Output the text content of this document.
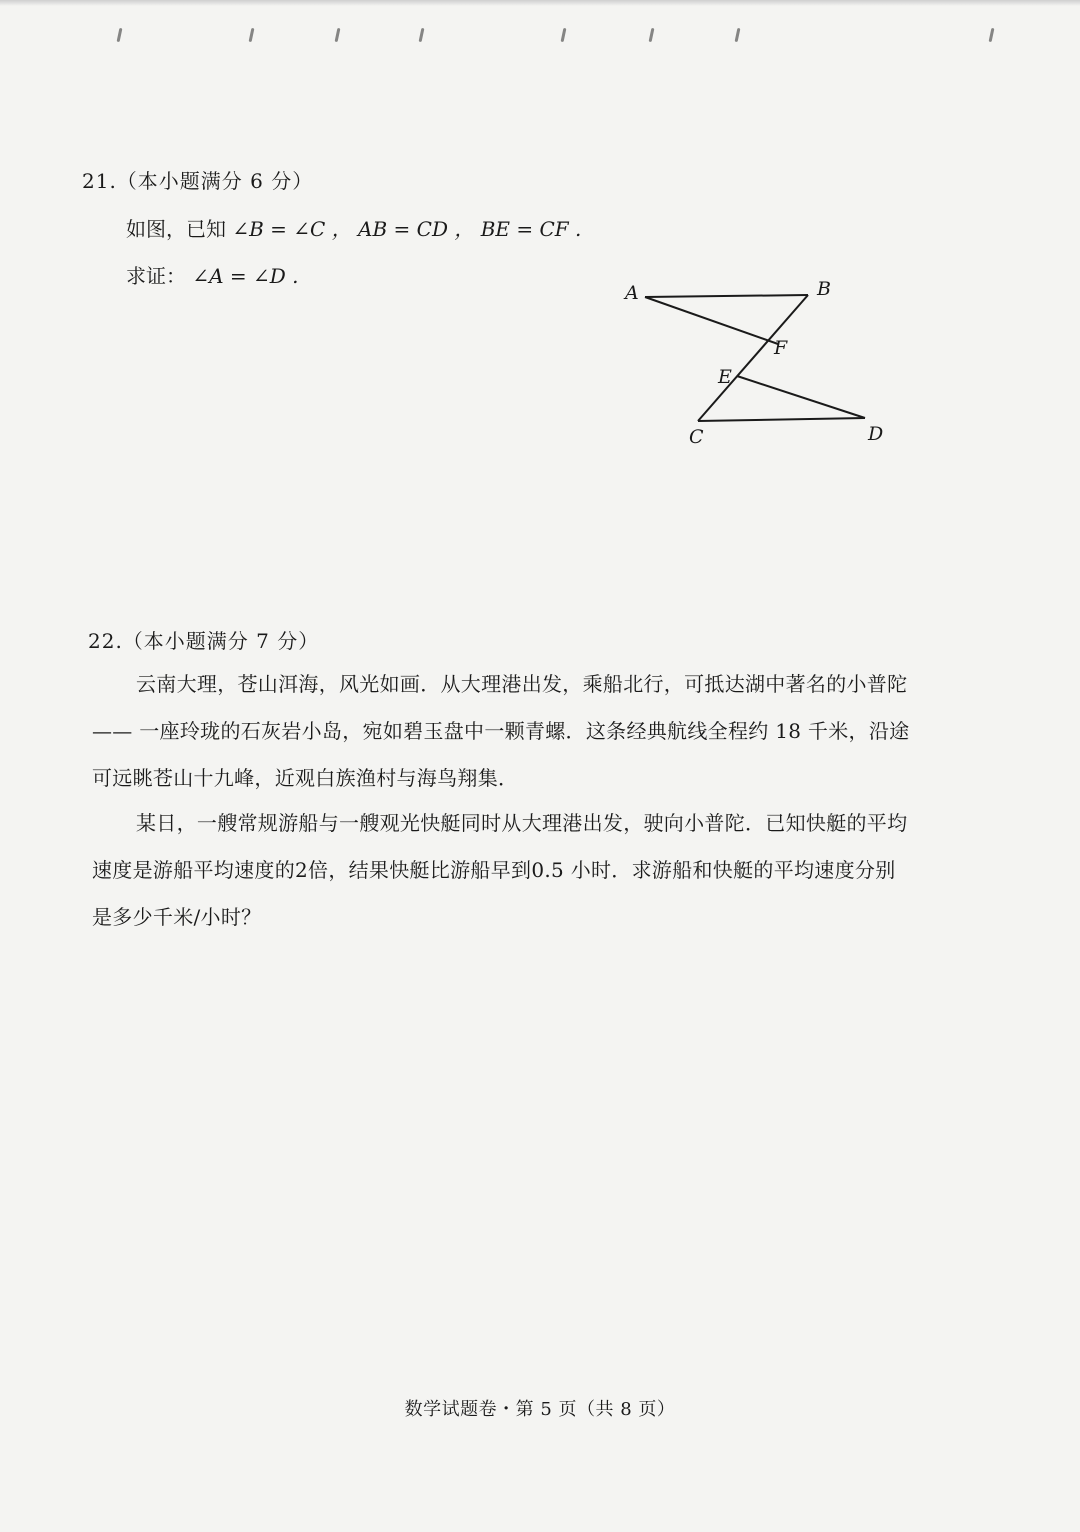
21.（本小题满分 6 分）
如图，已知 ∠B = ∠C ， AB = CD ， BE = CF .
求证： ∠A = ∠D .
A	B
F
E
C	D
22.（本小题满分 7 分）

云南大理，苍山洱海，风光如画．从大理港出发，乘船北行，可抵达湖中著名的小普陀

—— 一座玲珑的石灰岩小岛，宛如碧玉盘中一颗青螺．这条经典航线全程约 18 千米，沿途

可远眺苍山十九峰，近观白族渔村与海鸟翔集．

某日，一艘常规游船与一艘观光快艇同时从大理港出发，驶向小普陀．已知快艇的平均

速度是游船平均速度的2倍，结果快艇比游船早到0.5 小时．求游船和快艇的平均速度分别

是多少千米/小时？

数学试题卷・第 5 页（共 8 页）
